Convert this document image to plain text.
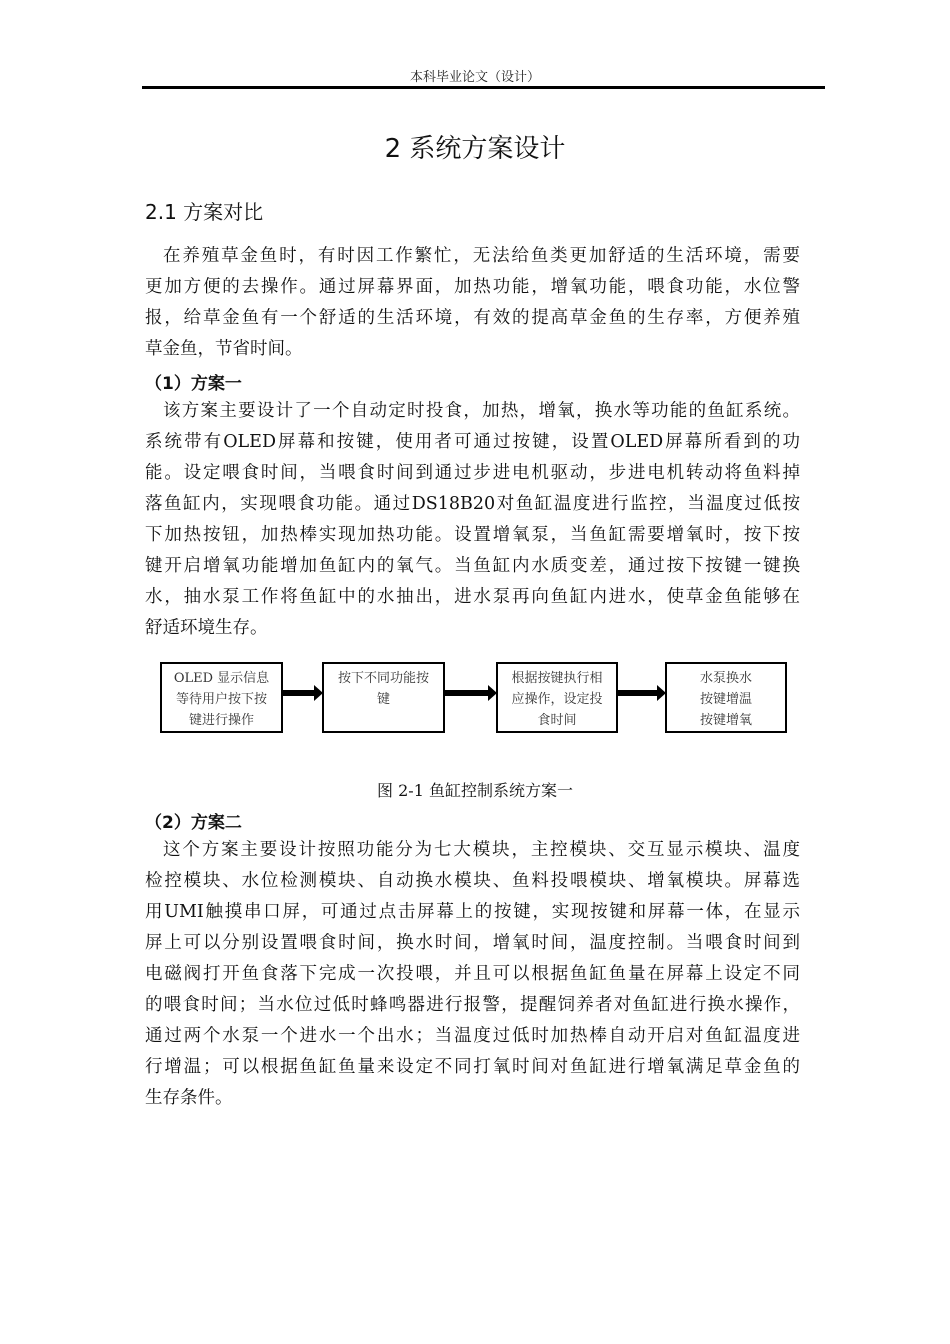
本科毕业论文（设计）
2 系统方案设计
2.1 方案对比
在养殖草金鱼时，有时因工作繁忙，无法给鱼类更加舒适的生活环境，需要
更加方便的去操作。通过屏幕界面，加热功能，增氧功能，喂食功能，水位警
报，给草金鱼有一个舒适的生活环境，有效的提高草金鱼的生存率，方便养殖
草金鱼，节省时间。
（1）方案一
该方案主要设计了一个自动定时投食，加热，增氧，换水等功能的鱼缸系统。
系统带有OLED屏幕和按键，使用者可通过按键，设置OLED屏幕所看到的功
能。设定喂食时间，当喂食时间到通过步进电机驱动，步进电机转动将鱼料掉
落鱼缸内，实现喂食功能。通过DS18B20对鱼缸温度进行监控，当温度过低按
下加热按钮，加热棒实现加热功能。设置增氧泵，当鱼缸需要增氧时，按下按
键开启增氧功能增加鱼缸内的氧气。当鱼缸内水质变差，通过按下按键一键换
水，抽水泵工作将鱼缸中的水抽出，进水泵再向鱼缸内进水，使草金鱼能够在
舒适环境生存。
OLED 显示信息
等待用户按下按
键进行操作
按下不同功能按
键
根据按键执行相
应操作，设定投
食时间
水泵换水
按键增温
按键增氧
图 2-1 鱼缸控制系统方案一
（2）方案二
这个方案主要设计按照功能分为七大模块，主控模块、交互显示模块、温度
检控模块、水位检测模块、自动换水模块、鱼料投喂模块、增氧模块。屏幕选
用UMI触摸串口屏，可通过点击屏幕上的按键，实现按键和屏幕一体，在显示
屏上可以分别设置喂食时间，换水时间，增氧时间，温度控制。当喂食时间到
电磁阀打开鱼食落下完成一次投喂，并且可以根据鱼缸鱼量在屏幕上设定不同
的喂食时间；当水位过低时蜂鸣器进行报警，提醒饲养者对鱼缸进行换水操作，
通过两个水泵一个进水一个出水；当温度过低时加热棒自动开启对鱼缸温度进
行增温；可以根据鱼缸鱼量来设定不同打氧时间对鱼缸进行增氧满足草金鱼的
生存条件。
